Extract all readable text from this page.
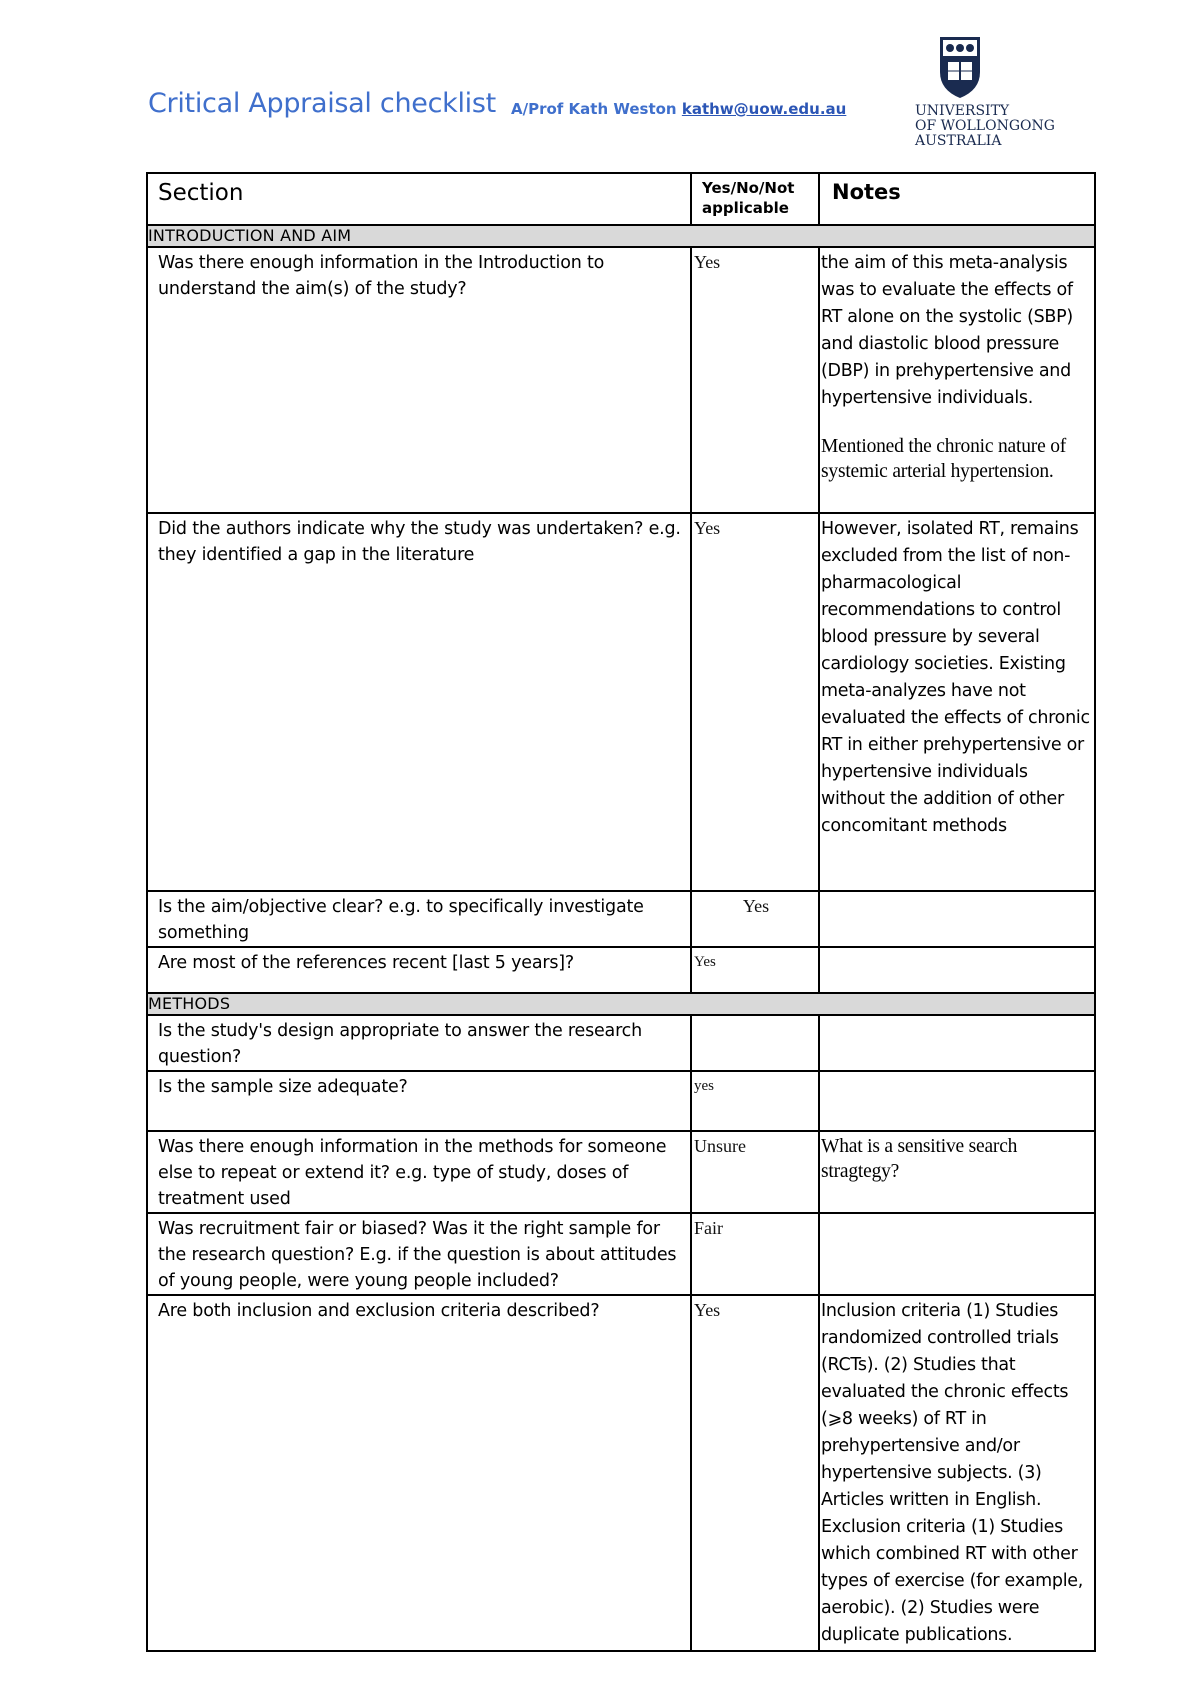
Critical Appraisal checklist A/Prof Kath Weston kathw@uow.edu.au	UNIVERSITY
OF WOLLONGONG
AUSTRALIA
Section	Yes/No/Not applicable	Notes
INTRODUCTION AND AIM		
Was there enough information in the Introduction to understand the aim(s) of the study?	Yes	the aim of this meta-analysis was to evaluate the effects of RT alone on the systolic (SBP) and diastolic blood pressure (DBP) in prehypertensive and hypertensive individuals.
Mentioned the chronic nature of systemic arterial hypertension.

Did the authors indicate why the study was undertaken? e.g. they identified a gap in the literature	Yes	However, isolated RT, remains excluded from the list of non-pharmacological recommendations to control blood pressure by several cardiology societies. Existing meta-analyzes have not evaluated the effects of chronic RT in either prehypertensive or hypertensive individuals without the addition of other concomitant methods
Is the aim/objective clear? e.g. to specifically investigate something	Yes	
Are most of the references recent [last 5 years]?	Yes	
METHODS		
Is the study's design appropriate to answer the research question?		
Is the sample size adequate?	yes	
Was there enough information in the methods for someone else to repeat or extend it? e.g. type of study, doses of treatment used	Unsure	What is a sensitive search stragtegy?
Was recruitment fair or biased? Was it the right sample for the research question? E.g. if the question is about attitudes of young people, were young people included?	Fair	
Are both inclusion and exclusion criteria described?	Yes	Inclusion criteria (1) Studies randomized controlled trials (RCTs). (2) Studies that evaluated the chronic effects (⩾8 weeks) of RT in prehypertensive and/or hypertensive subjects. (3) Articles written in English. Exclusion criteria (1) Studies which combined RT with other types of exercise (for example, aerobic). (2) Studies were duplicate publications.
